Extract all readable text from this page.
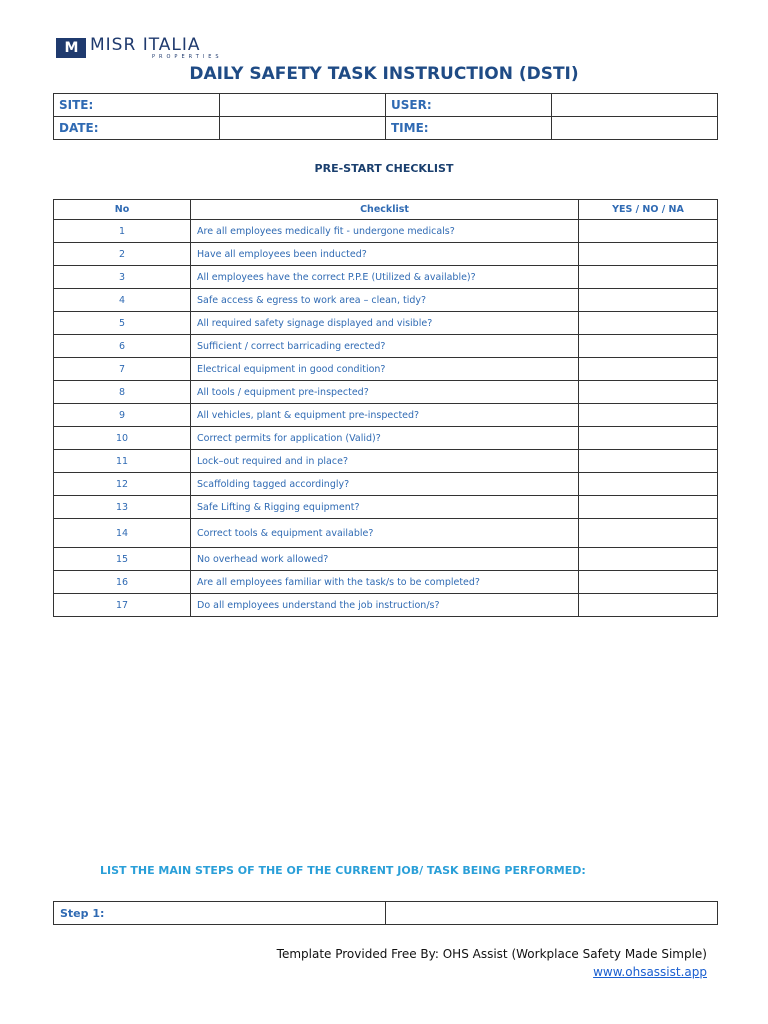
M MISR ITALIA
PROPERTIES
DAILY SAFETY TASK INSTRUCTION (DSTI)
SITE:		USER:	
DATE:		TIME:	
PRE-START CHECKLIST
No	Checklist	YES / NO / NA
1	Are all employees medically fit - undergone medicals?	
2	Have all employees been inducted?	
3	All employees have the correct P.P.E (Utilized & available)?	
4	Safe access & egress to work area – clean, tidy?	
5	All required safety signage displayed and visible?	
6	Sufficient / correct barricading erected?	
7	Electrical equipment in good condition?	
8	All tools / equipment pre-inspected?	
9	All vehicles, plant & equipment pre-inspected?	
10	Correct permits for application (Valid)?	
11	Lock–out required and in place?	
12	Scaffolding tagged accordingly?	
13	Safe Lifting & Rigging equipment?	
14	Correct tools & equipment available?	
15	No overhead work allowed?	
16	Are all employees familiar with the task/s to be completed?	
17	Do all employees understand the job instruction/s?	
LIST THE MAIN STEPS OF THE OF THE CURRENT JOB/ TASK BEING PERFORMED:
Step 1:	
Template Provided Free By: OHS Assist (Workplace Safety Made Simple)
www.ohsassist.app
